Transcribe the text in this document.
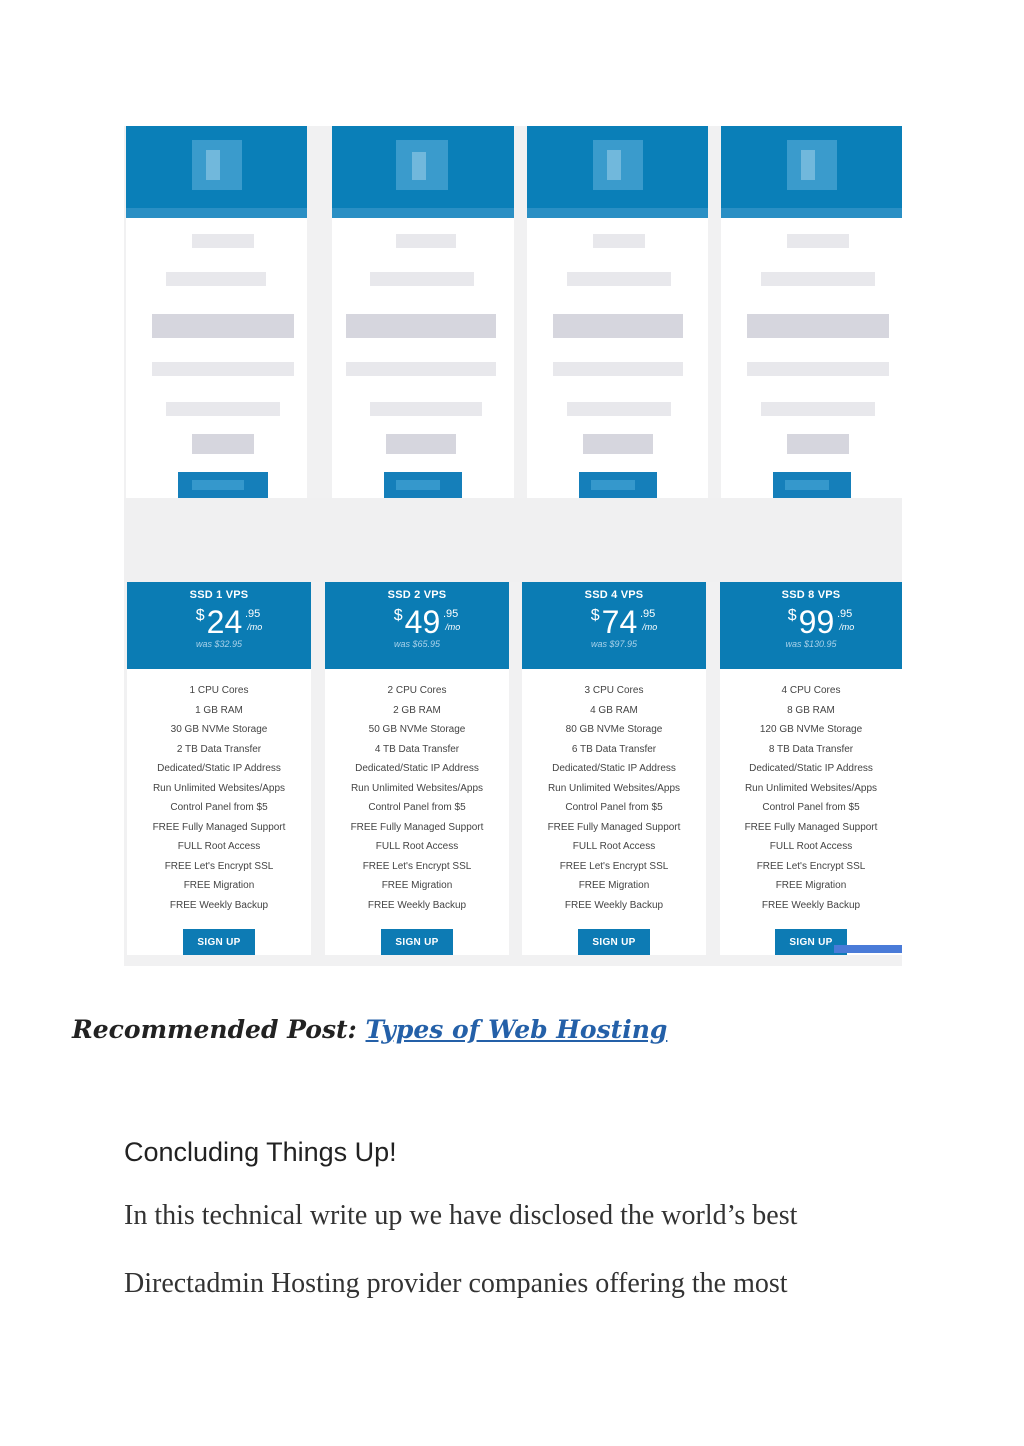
SSD 1 VPS
$24 .95
/mo
was $32.95
1 CPU Cores
1 GB RAM
30 GB NVMe Storage
2 TB Data Transfer
Dedicated/Static IP Address
Run Unlimited Websites/Apps
Control Panel from $5
FREE Fully Managed Support
FULL Root Access
FREE Let's Encrypt SSL
FREE Migration
FREE Weekly Backup
SIGN UP
SSD 2 VPS
$49 .95
/mo
was $65.95
2 CPU Cores
2 GB RAM
50 GB NVMe Storage
4 TB Data Transfer
Dedicated/Static IP Address
Run Unlimited Websites/Apps
Control Panel from $5
FREE Fully Managed Support
FULL Root Access
FREE Let's Encrypt SSL
FREE Migration
FREE Weekly Backup
SIGN UP
SSD 4 VPS
$74 .95
/mo
was $97.95
3 CPU Cores
4 GB RAM
80 GB NVMe Storage
6 TB Data Transfer
Dedicated/Static IP Address
Run Unlimited Websites/Apps
Control Panel from $5
FREE Fully Managed Support
FULL Root Access
FREE Let's Encrypt SSL
FREE Migration
FREE Weekly Backup
SIGN UP
SSD 8 VPS
$99 .95
/mo
was $130.95
4 CPU Cores
8 GB RAM
120 GB NVMe Storage
8 TB Data Transfer
Dedicated/Static IP Address
Run Unlimited Websites/Apps
Control Panel from $5
FREE Fully Managed Support
FULL Root Access
FREE Let's Encrypt SSL
FREE Migration
FREE Weekly Backup
SIGN UP
Recommended Post: Types of Web Hosting
Concluding Things Up!
In this technical write up we have disclosed the world’s best
Directadmin Hosting provider companies offering the most
